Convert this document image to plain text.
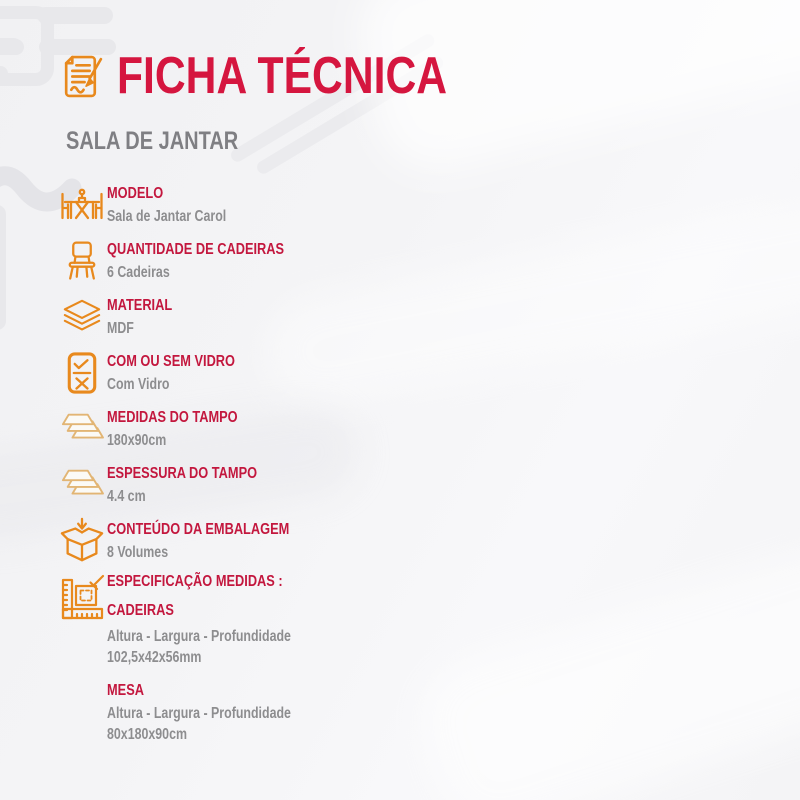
FICHA TÉCNICA
SALA DE JANTAR
MODELO
Sala de Jantar Carol
QUANTIDADE DE CADEIRAS
6 Cadeiras
MATERIAL
MDF
COM OU SEM VIDRO
Com Vidro
MEDIDAS DO TAMPO
180x90cm
ESPESSURA DO TAMPO
4.4 cm
CONTEÚDO DA EMBALAGEM
8 Volumes
ESPECIFICAÇÃO MEDIDAS :
CADEIRAS
Altura - Largura - Profundidade
102,5x42x56mm
MESA
Altura - Largura - Profundidade
80x180x90cm
